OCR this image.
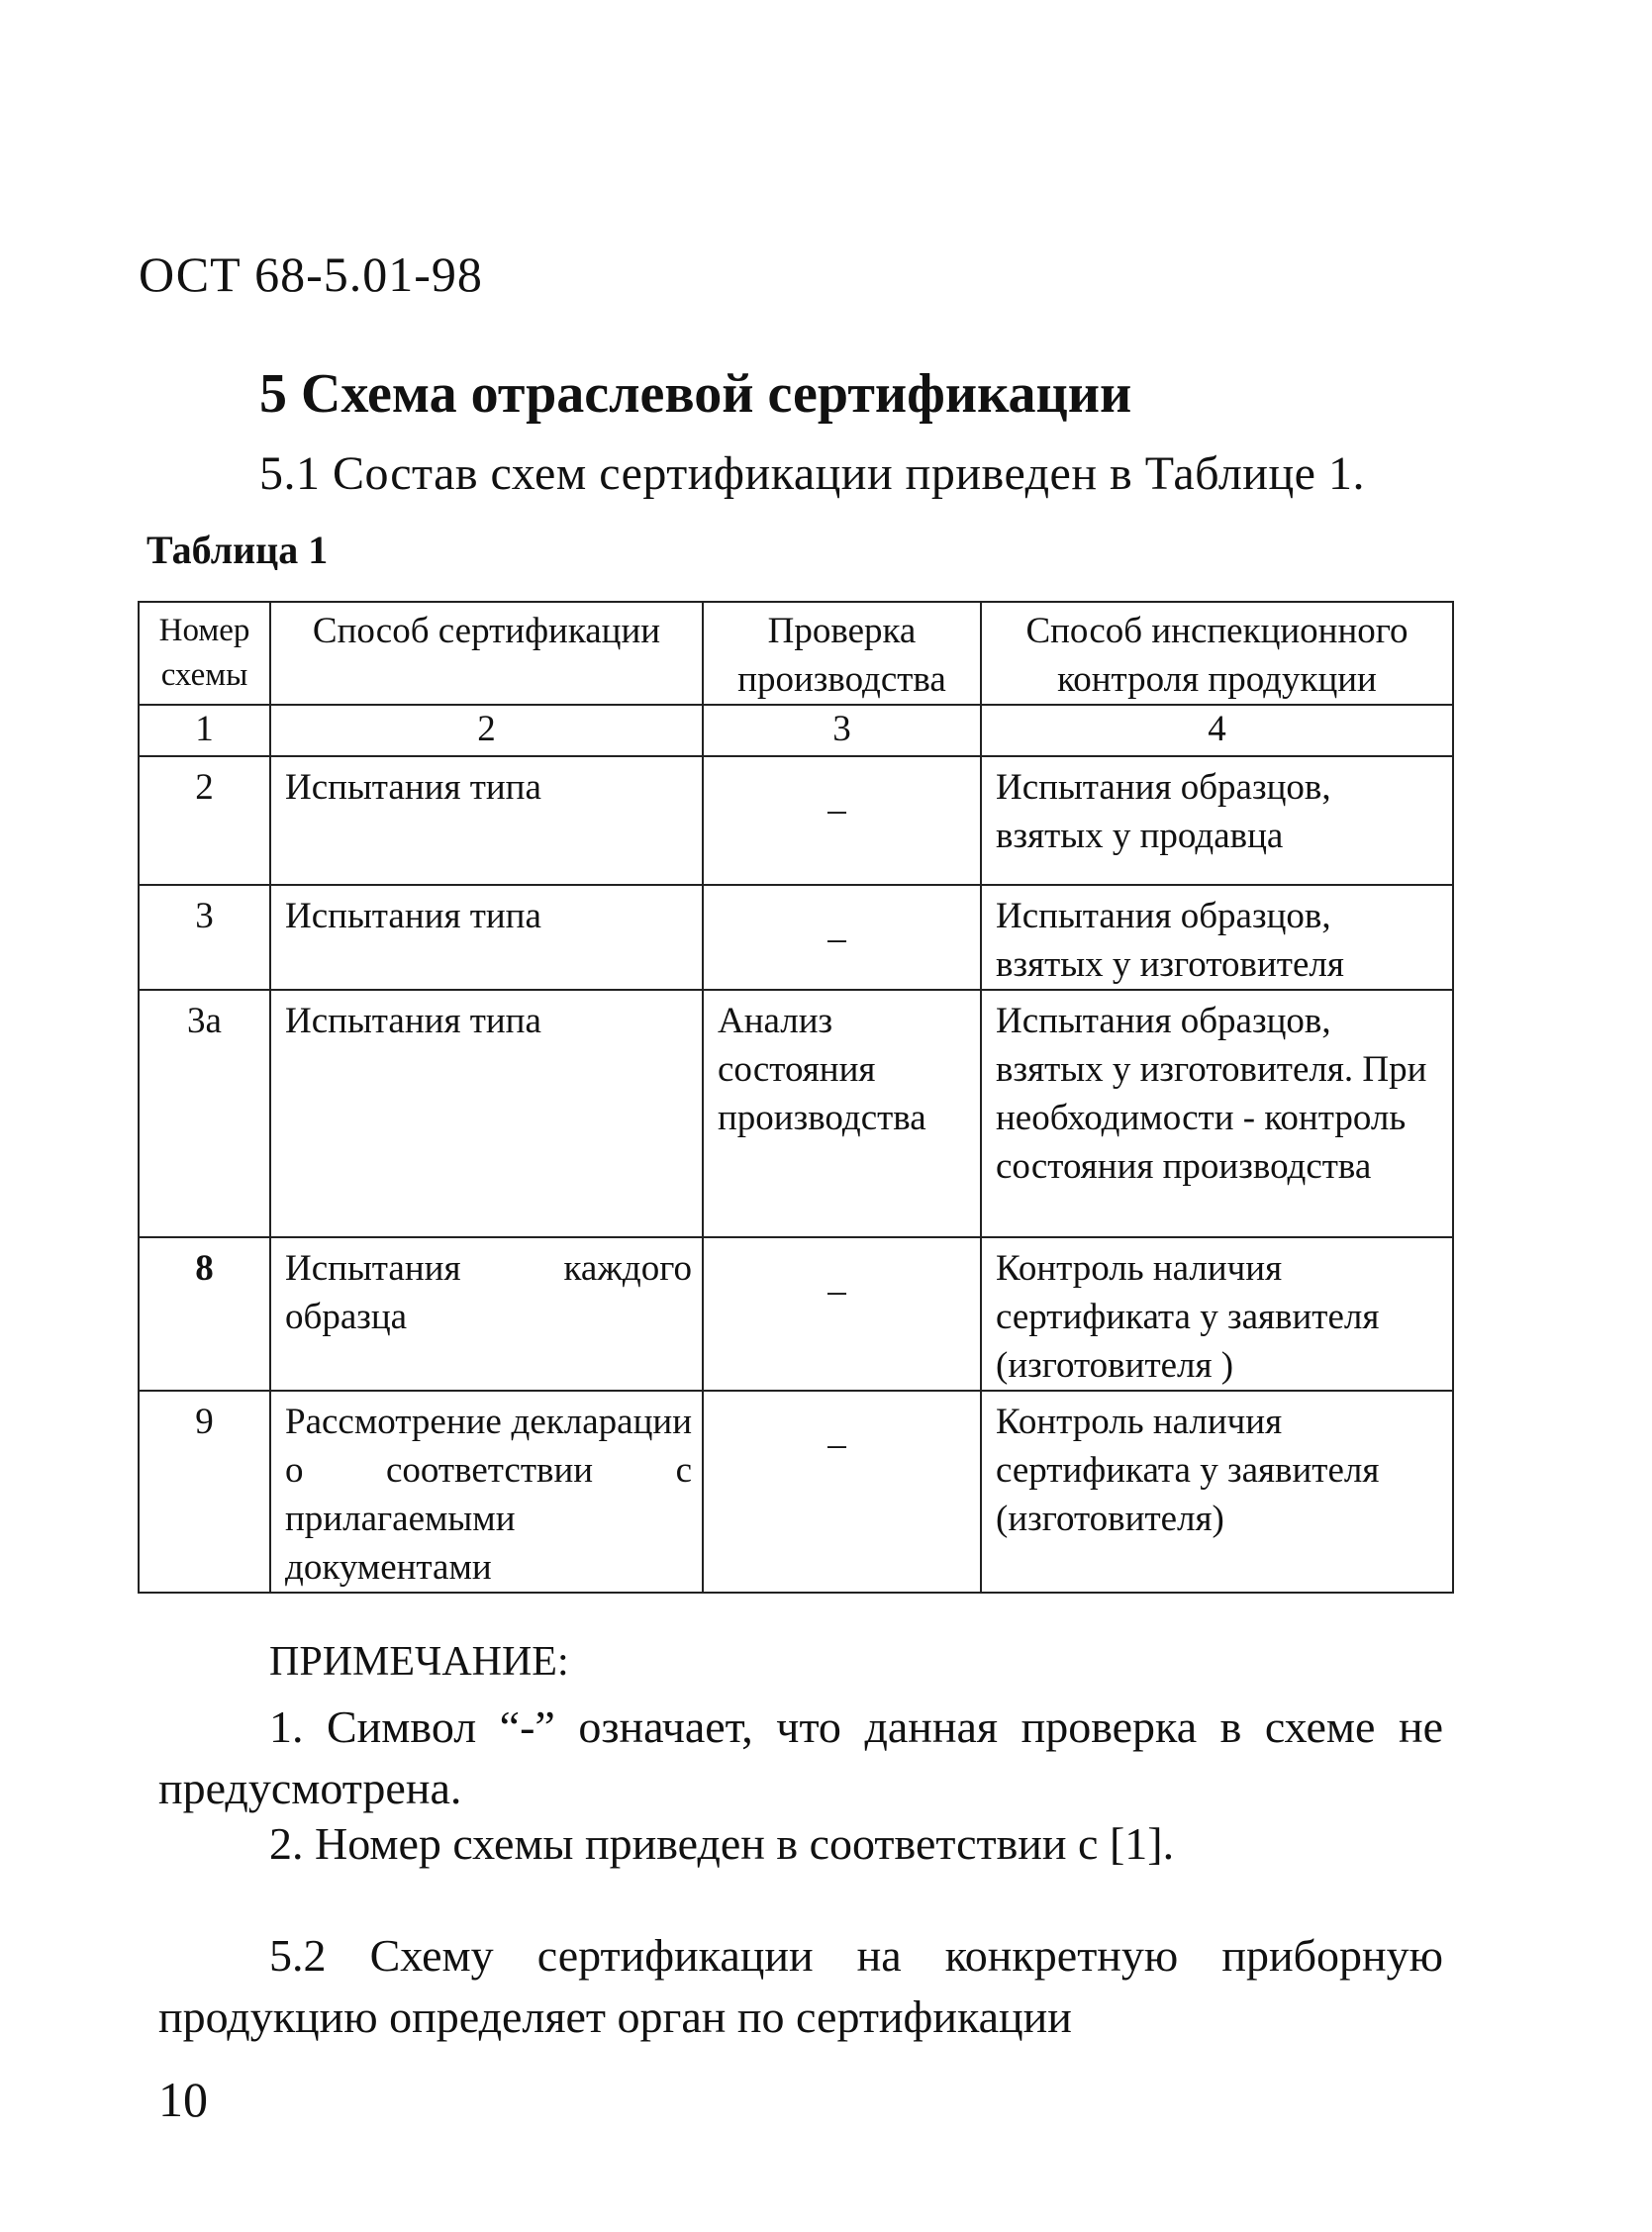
ОСТ 68-5.01-98
5 Схема отраслевой сертификации
5.1 Состав схем сертификации приведен в Таблице 1.
Таблица 1
Номер схемы	Способ сертификации	Проверка производства	Способ инспекционного контроля продукции
1	2	3	4
2	Испытания типа	_	Испытания образцов, взятых у продавца
3	Испытания типа	_	Испытания образцов, взятых у изготовителя
3а	Испытания типа	Анализ состояния производства	Испытания образцов, взятых у изготовителя. При необходимости - контроль состояния производства
8	Испытания каждого образца	_	Контроль наличия сертификата у заявителя (изготовителя )
9	Рассмотрение декларации о соответствии с прилагаемыми документами	_	Контроль наличия сертификата у заявителя (изготовителя)
ПРИМЕЧАНИЕ:
1. Символ “-” означает, что данная проверка в схеме не предусмотрена.
2. Номер схемы приведен в соответствии с [1].
5.2 Схему сертификации на конкретную приборную продукцию определяет орган по сертификации
10
